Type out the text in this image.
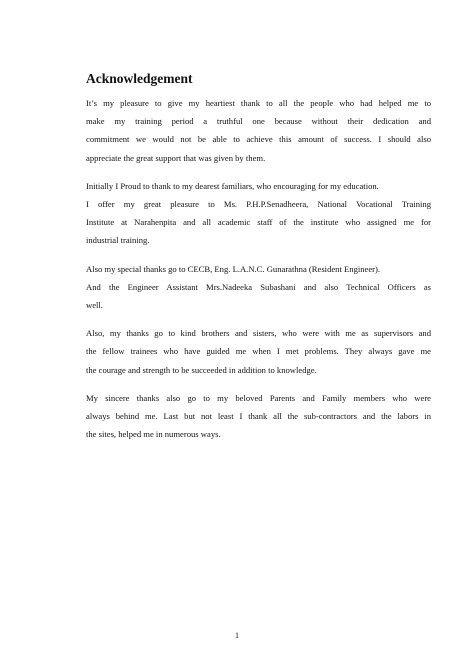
Acknowledgement

It’s my pleasure to give my heartiest thank to all the people who had helped me to
make my training period a truthful one because without their dedication and
commitment we would not be able to achieve this amount of success. I should also
appreciate the great support that was given by them.

Initially I Proud to thank to my dearest familiars, who encouraging for my education.
I offer my great pleasure to Ms. P.H.P.Senadheera, National Vocational Training
Institute at Narahenpita and all academic staff of the institute who assigned me for
industrial training.

Also my special thanks go to CECB, Eng. L.A.N.C. Gunarathna (Resident Engineer).
And the Engineer Assistant Mrs.Nadeeka Subashani and also Technical Officers as
well.

Also, my thanks go to kind brothers and sisters, who were with me as supervisors and
the fellow trainees who have guided me when I met problems. They always gave me
the courage and strength to be succeeded in addition to knowledge.

My sincere thanks also go to my beloved Parents and Family members who were
always behind me. Last but not least I thank all the sub-contractors and the labors in
the sites, helped me in numerous ways.

1
